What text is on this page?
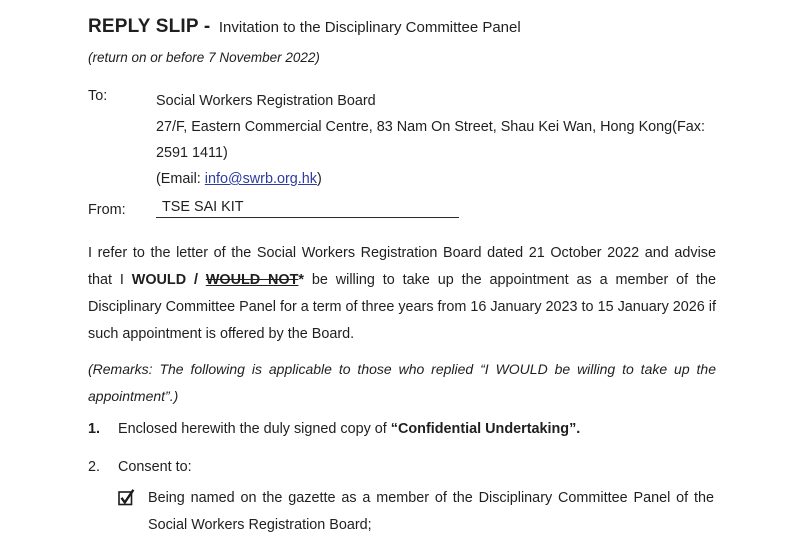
REPLY SLIP - Invitation to the Disciplinary Committee Panel
(return on or before 7 November 2022)
To:	Social Workers Registration Board
27/F, Eastern Commercial Centre, 83 Nam On Street, Shau Kei Wan, Hong Kong(Fax:
2591 1411)
(Email: info@swrb.org.hk)
From:	TSE SAI KIT

I refer to the letter of the Social Workers Registration Board dated 21 October 2022 and advise that I WOULD / WOULD NOT* be willing to take up the appointment as a member of the Disciplinary Committee Panel for a term of three years from 16 January 2023 to 15 January 2026 if such appointment is offered by the Board.

(Remarks: The following is applicable to those who replied “I WOULD be willing to take up the appointment”.)

1.	Enclosed herewith the duly signed copy of “Confidential Undertaking”.
2.	Consent to:
Being named on the gazette as a member of the Disciplinary Committee Panel of the Social Workers Registration Board;
